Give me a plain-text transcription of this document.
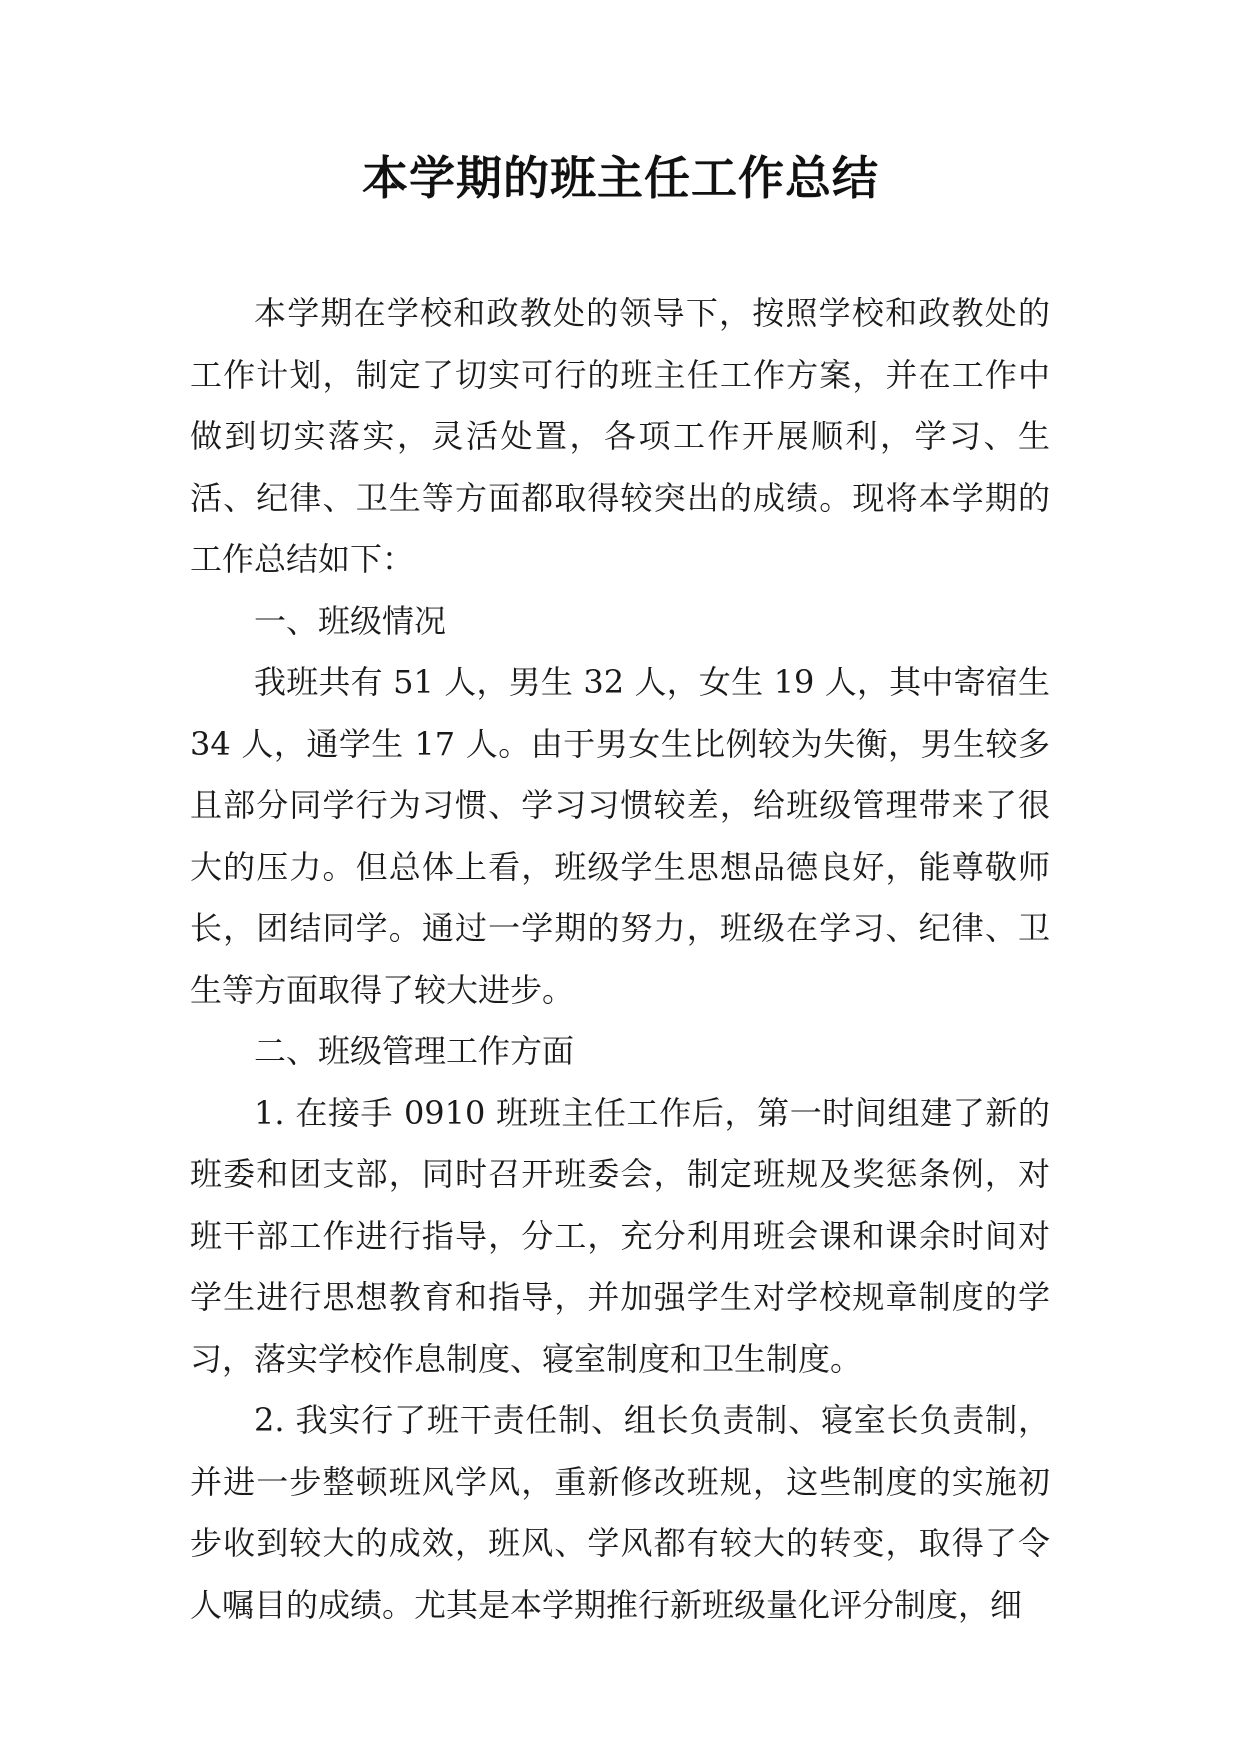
本学期的班主任工作总结

本学期在学校和政教处的领导下，按照学校和政教处的工作计划，制定了切实可行的班主任工作方案，并在工作中做到切实落实，灵活处置，各项工作开展顺利，学习、生活、纪律、卫生等方面都取得较突出的成绩。现将本学期的工作总结如下：

一、班级情况

我班共有 51 人，男生 32 人，女生 19 人，其中寄宿生 34 人，通学生 17 人。由于男女生比例较为失衡，男生较多且部分同学行为习惯、学习习惯较差，给班级管理带来了很大的压力。但总体上看，班级学生思想品德良好，能尊敬师长，团结同学。通过一学期的努力，班级在学习、纪律、卫生等方面取得了较大进步。

二、班级管理工作方面

1. 在接手 0910 班班主任工作后，第一时间组建了新的班委和团支部，同时召开班委会，制定班规及奖惩条例，对班干部工作进行指导，分工，充分利用班会课和课余时间对学生进行思想教育和指导，并加强学生对学校规章制度的学习，落实学校作息制度、寝室制度和卫生制度。

2. 我实行了班干责任制、组长负责制、寝室长负责制，并进一步整顿班风学风，重新修改班规，这些制度的实施初步收到较大的成效，班风、学风都有较大的转变，取得了令人嘱目的成绩。尤其是本学期推行新班级量化评分制度，细
